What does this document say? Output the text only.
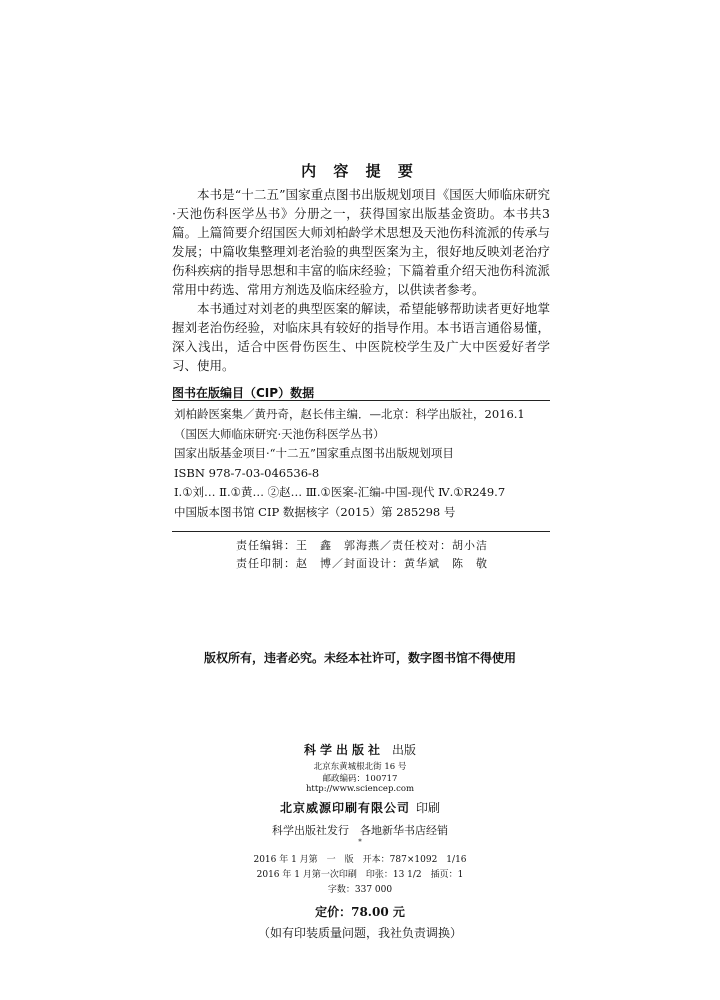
内 容 提 要

本书是“十二五”国家重点图书出版规划项目《国医大师临床研究·天池伤科医学丛书》分册之一，获得国家出版基金资助。本书共3篇。上篇简要介绍国医大师刘柏龄学术思想及天池伤科流派的传承与发展；中篇收集整理刘老治验的典型医案为主，很好地反映刘老治疗伤科疾病的指导思想和丰富的临床经验；下篇着重介绍天池伤科流派常用中药选、常用方剂选及临床经验方，以供读者参考。

本书通过对刘老的典型医案的解读，希望能够帮助读者更好地掌握刘老治伤经验，对临床具有较好的指导作用。本书语言通俗易懂，深入浅出，适合中医骨伤医生、中医院校学生及广大中医爱好者学习、使用。

图书在版编目（CIP）数据
刘柏龄医案集／黄丹奇，赵长伟主编．—北京：科学出版社，2016.1
（国医大师临床研究·天池伤科医学丛书）
国家出版基金项目·“十二五”国家重点图书出版规划项目
ISBN 978-7-03-046536-8
Ⅰ.①刘… Ⅱ.①黄… ②赵… Ⅲ.①医案-汇编-中国-现代 Ⅳ.①R249.7
中国版本图书馆 CIP 数据核字（2015）第 285298 号
责任编辑：王　鑫　郭海燕／责任校对：胡小洁
责任印制：赵　博／封面设计：黄华斌　陈　敬
版权所有，违者必究。未经本社许可，数字图书馆不得使用
科学出版社 出版
北京东黄城根北街 16 号
邮政编码：100717
http://www.sciencep.com
北京威源印刷有限公司 印刷
科学出版社发行　各地新华书店经销
*
2016 年 1 月第　一　版　开本：787×1092　1/16
2016 年 1 月第一次印刷　印张：13 1/2　插页：1
字数：337 000
定价：78.00 元
（如有印装质量问题，我社负责调换）
